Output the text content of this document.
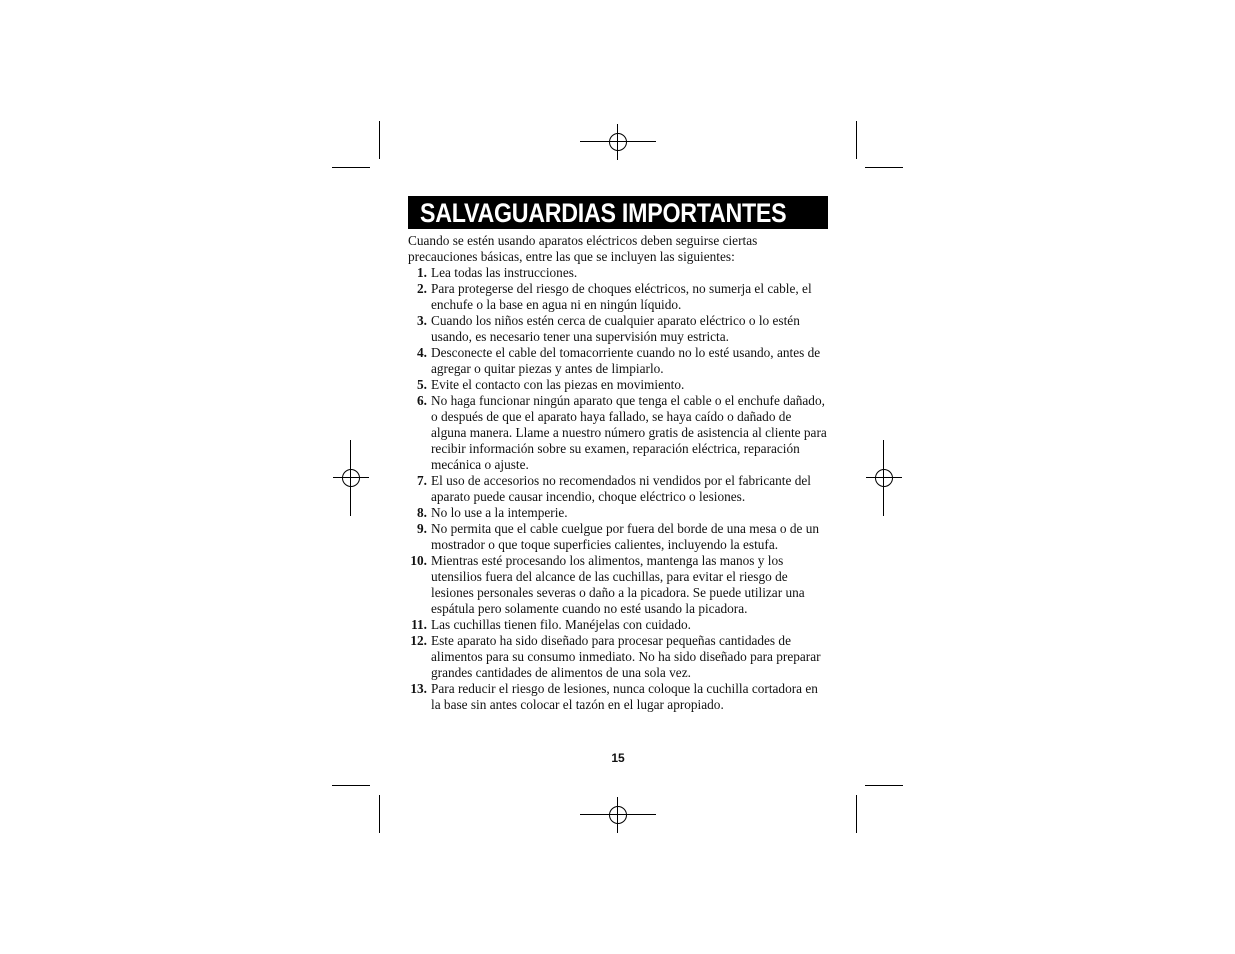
SALVAGUARDIAS IMPORTANTES
Cuando se estén usando aparatos eléctricos deben seguirse ciertas precauciones básicas, entre las que se incluyen las siguientes:
1. Lea todas las instrucciones.
2. Para protegerse del riesgo de choques eléctricos, no sumerja el cable, el enchufe o la base en agua ni en ningún líquido.
3. Cuando los niños estén cerca de cualquier aparato eléctrico o lo estén usando, es necesario tener una supervisión muy estricta.
4. Desconecte el cable del tomacorriente cuando no lo esté usando, antes de agregar o quitar piezas y antes de limpiarlo.
5. Evite el contacto con las piezas en movimiento.
6. No haga funcionar ningún aparato que tenga el cable o el enchufe dañado, o después de que el aparato haya fallado, se haya caído o dañado de alguna manera. Llame a nuestro número gratis de asistencia al cliente para recibir información sobre su examen, reparación eléctrica, reparación mecánica o ajuste.
7. El uso de accesorios no recomendados ni vendidos por el fabricante del aparato puede causar incendio, choque eléctrico o lesiones.
8. No lo use a la intemperie.
9. No permita que el cable cuelgue por fuera del borde de una mesa o de un mostrador o que toque superficies calientes, incluyendo la estufa.
10. Mientras esté procesando los alimentos, mantenga las manos y los utensilios fuera del alcance de las cuchillas, para evitar el riesgo de lesiones personales severas o daño a la picadora. Se puede utilizar una espátula pero solamente cuando no esté usando la picadora.
11. Las cuchillas tienen filo. Manéjelas con cuidado.
12. Este aparato ha sido diseñado para procesar pequeñas cantidades de alimentos para su consumo inmediato. No ha sido diseñado para preparar grandes cantidades de alimentos de una sola vez.
13. Para reducir el riesgo de lesiones, nunca coloque la cuchilla cortadora en la base sin antes colocar el tazón en el lugar apropiado.
15
